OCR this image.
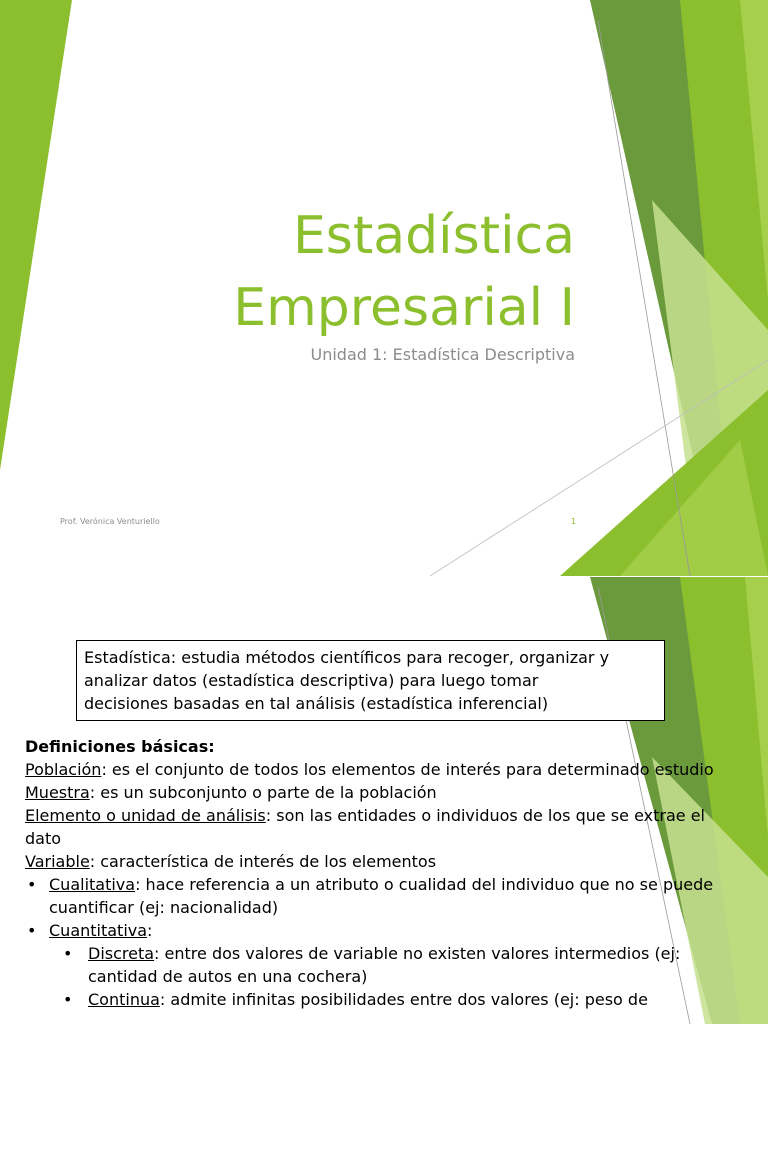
Estadística
Empresarial I
Unidad 1: Estadística Descriptiva
Prof. Verónica Venturiello	1
Estadística: estudia métodos científicos para recoger, organizar y
analizar datos (estadística descriptiva) para luego tomar
decisiones basadas en tal análisis (estadística inferencial)

Definiciones básicas:

Población: es el conjunto de todos los elementos de interés para determinado estudio

Muestra: es un subconjunto o parte de la población

Elemento o unidad de análisis: son las entidades o individuos de los que se extrae el dato

Variable: característica de interés de los elementos

• Cualitativa: hace referencia a un atributo o cualidad del individuo que no se puede cuantificar (ej: nacionalidad)

• Cuantitativa:

• Discreta: entre dos valores de variable no existen valores intermedios (ej: cantidad de autos en una cochera)

• Continua: admite infinitas posibilidades entre dos valores (ej: peso de
